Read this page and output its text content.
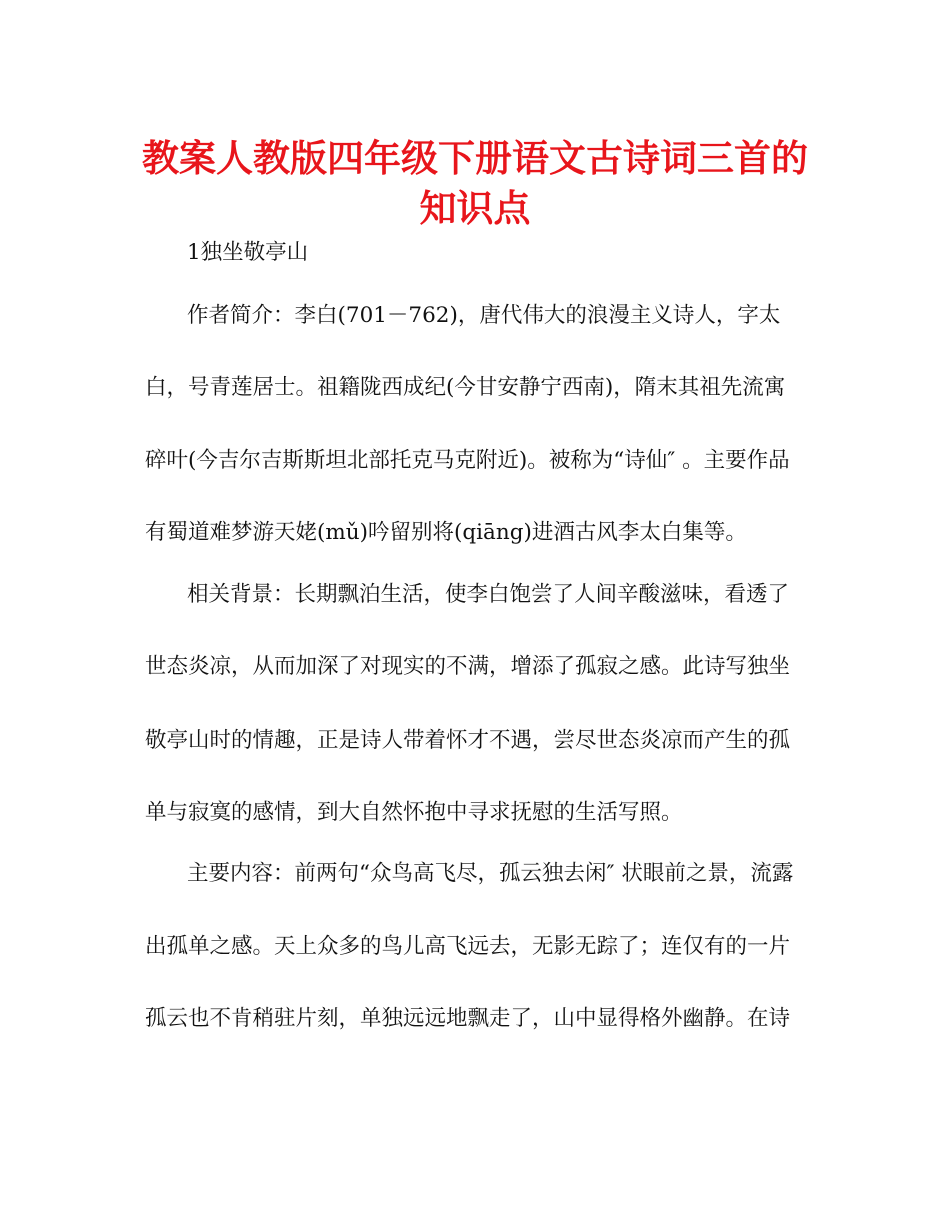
教案人教版四年级下册语文古诗词三首的
知识点
1独坐敬亭山
作者简介：李白(701－762)，唐代伟大的浪漫主义诗人，字太
白，号青莲居士。祖籍陇西成纪(今甘安静宁西南)，隋末其祖先流寓
碎叶(今吉尔吉斯斯坦北部托克马克附近)。被称为“诗仙″ 。主要作品
有蜀道难梦游天姥(mǔ)吟留别将(qiāng)进酒古风李太白集等。
相关背景：长期飘泊生活，使李白饱尝了人间辛酸滋味，看透了
世态炎凉，从而加深了对现实的不满，增添了孤寂之感。此诗写独坐
敬亭山时的情趣，正是诗人带着怀才不遇，尝尽世态炎凉而产生的孤
单与寂寞的感情，到大自然怀抱中寻求抚慰的生活写照。
主要内容：前两句“众鸟高飞尽，孤云独去闲″ 状眼前之景，流露
出孤单之感。天上众多的鸟儿高飞远去，无影无踪了；连仅有的一片
孤云也不肯稍驻片刻，单独远远地飘走了，山中显得格外幽静。在诗
